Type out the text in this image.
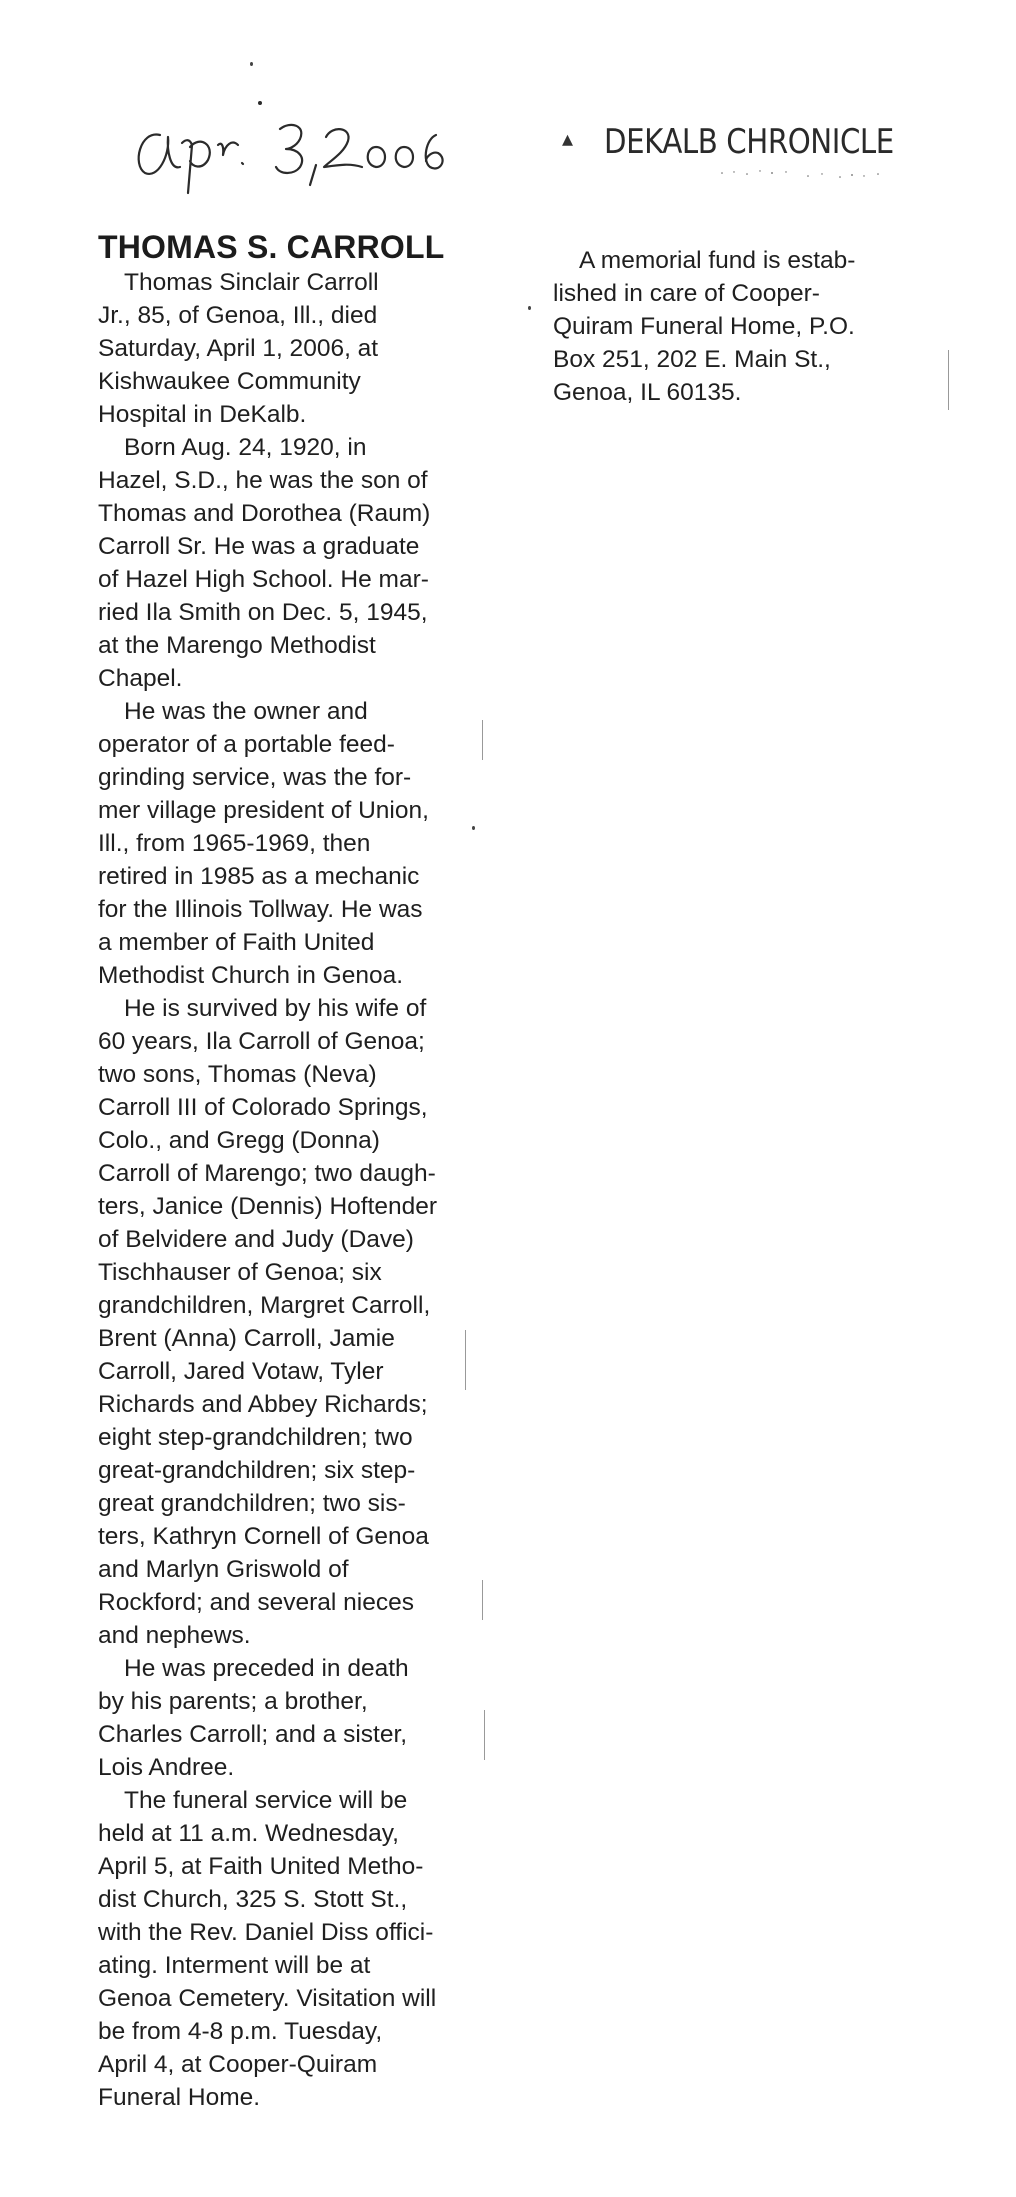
▴ DEKALB CHRONICLE
THOMAS S. CARROLL

Thomas Sinclair Carroll
Jr., 85, of Genoa, Ill., died
Saturday, April 1, 2006, at
Kishwaukee Community
Hospital in DeKalb.

Born Aug. 24, 1920, in
Hazel, S.D., he was the son of
Thomas and Dorothea (Raum)
Carroll Sr. He was a graduate
of Hazel High School. He mar-
ried Ila Smith on Dec. 5, 1945,
at the Marengo Methodist
Chapel.

He was the owner and
operator of a portable feed-
grinding service, was the for-
mer village president of Union,
Ill., from 1965-1969, then
retired in 1985 as a mechanic
for the Illinois Tollway. He was
a member of Faith United
Methodist Church in Genoa.

He is survived by his wife of
60 years, Ila Carroll of Genoa;
two sons, Thomas (Neva)
Carroll III of Colorado Springs,
Colo., and Gregg (Donna)
Carroll of Marengo; two daugh-
ters, Janice (Dennis) Hoftender
of Belvidere and Judy (Dave)
Tischhauser of Genoa; six
grandchildren, Margret Carroll,
Brent (Anna) Carroll, Jamie
Carroll, Jared Votaw, Tyler
Richards and Abbey Richards;
eight step-grandchildren; two
great-grandchildren; six step-
great grandchildren; two sis-
ters, Kathryn Cornell of Genoa
and Marlyn Griswold of
Rockford; and several nieces
and nephews.

He was preceded in death
by his parents; a brother,
Charles Carroll; and a sister,
Lois Andree.

The funeral service will be
held at 11 a.m. Wednesday,
April 5, at Faith United Metho-
dist Church, 325 S. Stott St.,
with the Rev. Daniel Diss offici-
ating. Interment will be at
Genoa Cemetery. Visitation will
be from 4-8 p.m. Tuesday,
April 4, at Cooper-Quiram
Funeral Home.

A memorial fund is estab-
lished in care of Cooper-
Quiram Funeral Home, P.O.
Box 251, 202 E. Main St.,
Genoa, IL 60135.
